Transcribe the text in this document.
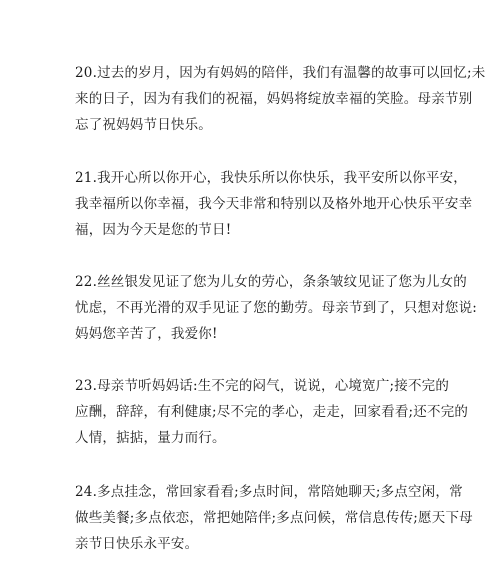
20.过去的岁月，因为有妈妈的陪伴，我们有温馨的故事可以回忆;未
来的日子，因为有我们的祝福，妈妈将绽放幸福的笑脸。母亲节别
忘了祝妈妈节日快乐。
21.我开心所以你开心，我快乐所以你快乐，我平安所以你平安，
我幸福所以你幸福，我今天非常和特别以及格外地开心快乐平安幸
福，因为今天是您的节日!
22.丝丝银发见证了您为儿女的劳心，条条皱纹见证了您为儿女的
忧虑，不再光滑的双手见证了您的勤劳。母亲节到了，只想对您说:
妈妈您辛苦了，我爱你!
23.母亲节听妈妈话:生不完的闷气，说说，心境宽广;接不完的
应酬，辞辞，有利健康;尽不完的孝心，走走，回家看看;还不完的
人情，掂掂，量力而行。
24.多点挂念，常回家看看;多点时间，常陪她聊天;多点空闲，常
做些美餐;多点依恋，常把她陪伴;多点问候，常信息传传;愿天下母
亲节日快乐永平安。
